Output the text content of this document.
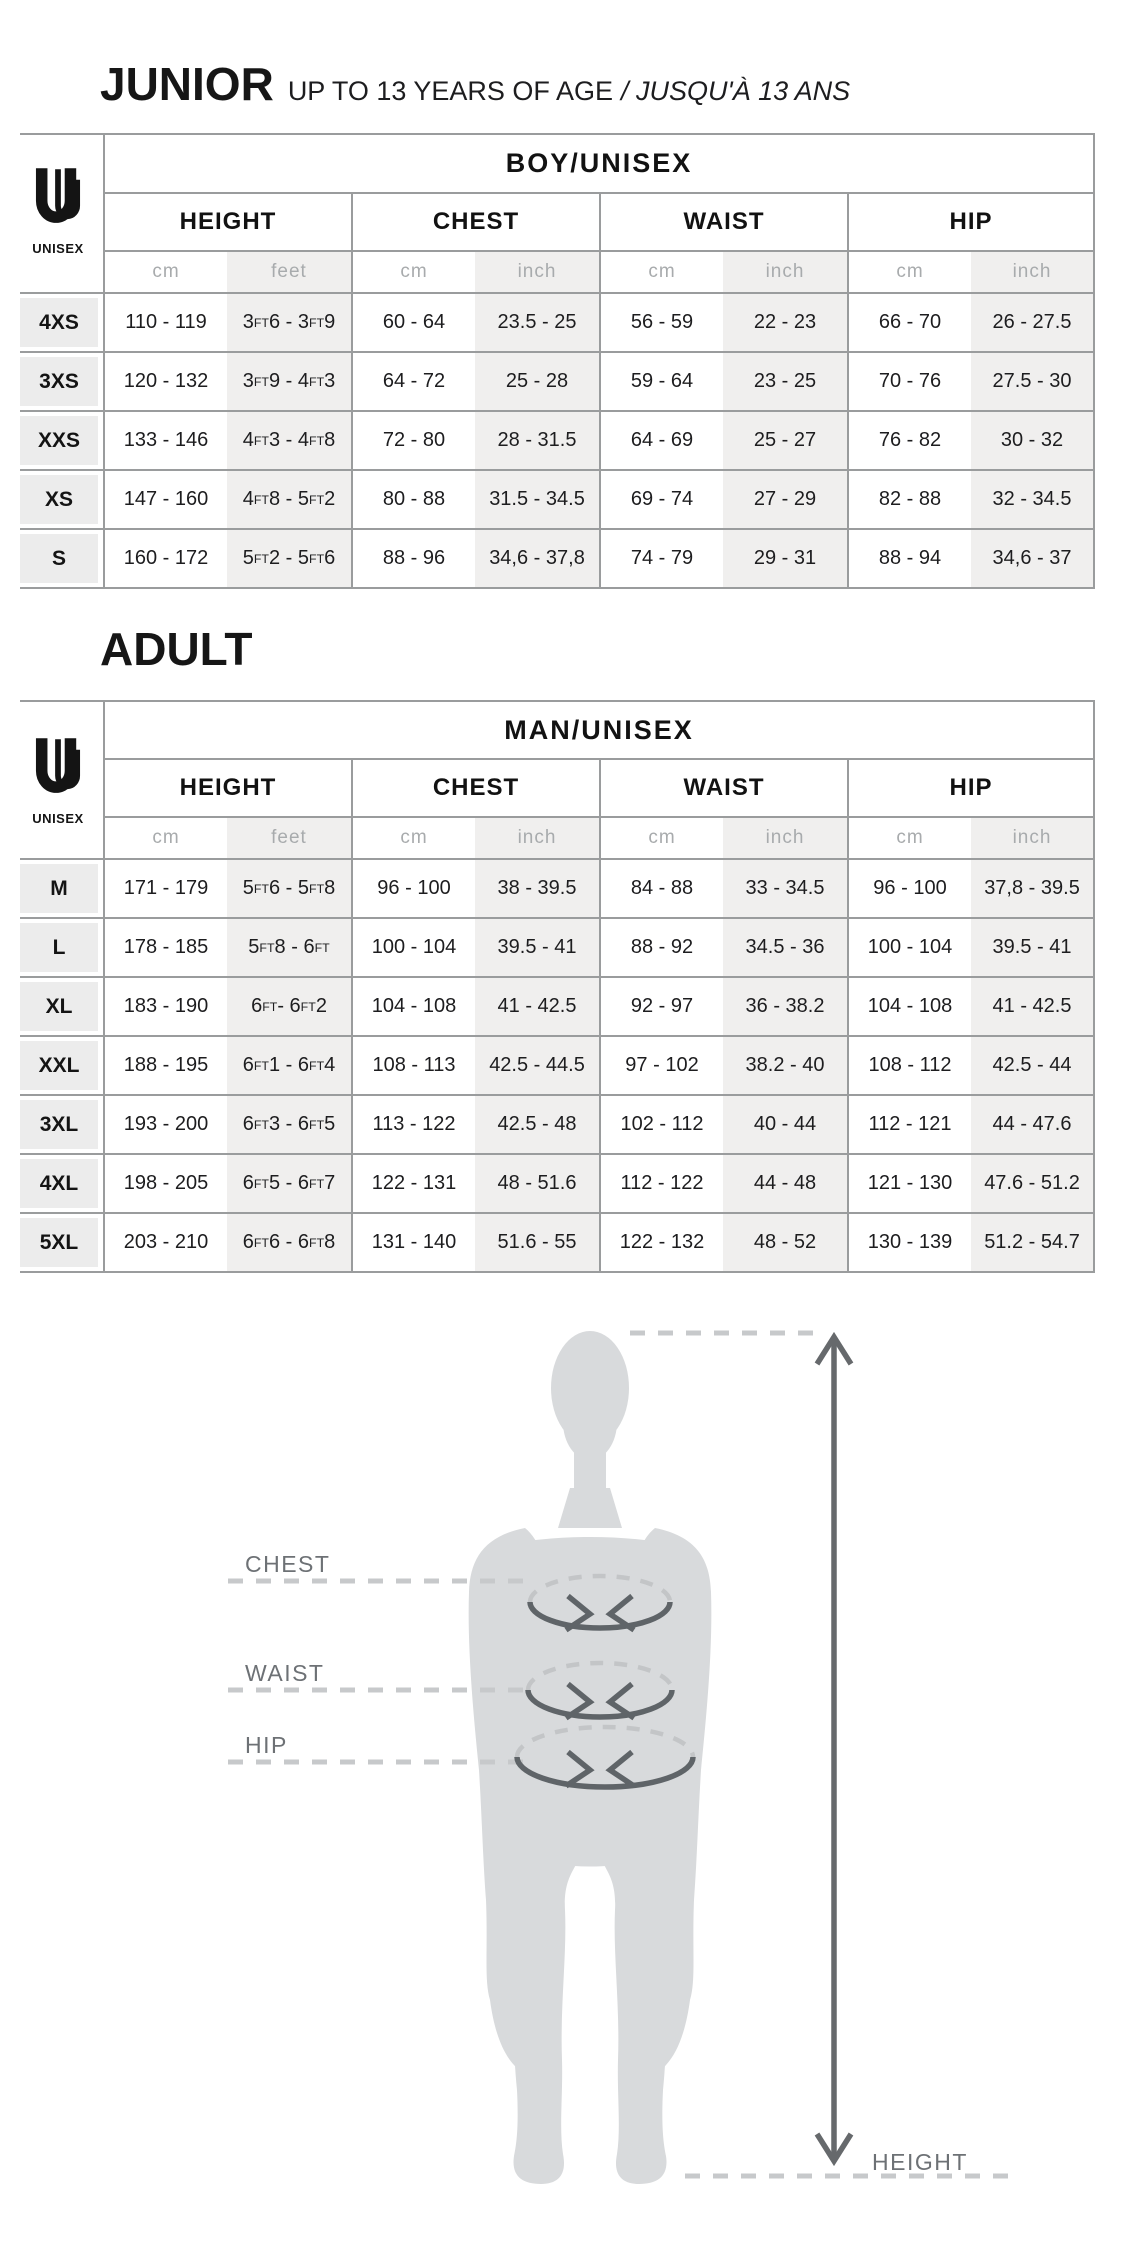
JUNIOR UP TO 13 YEARS OF AGE / JUSQU'À 13 ANS
UNISEX
BOY/UNISEX
HEIGHT	CHEST	WAIST	HIP
cm	feet	cm	inch	cm	inch	cm	inch
4XS	110 - 119	3 FT 6 - 3 FT 9	60 - 64	23.5 - 25	56 - 59	22 - 23	66 - 70	26 - 27.5
3XS	120 - 132	3 FT 9 - 4 FT 3	64 - 72	25 - 28	59 - 64	23 - 25	70 - 76	27.5 - 30
XXS	133 - 146	4 FT 3 - 4 FT 8	72 - 80	28 - 31.5	64 - 69	25 - 27	76 - 82	30 - 32
XS	147 - 160	4 FT 8 - 5 FT 2	80 - 88	31.5 - 34.5	69 - 74	27 - 29	82 - 88	32 - 34.5
S	160 - 172	5 FT 2 - 5 FT 6	88 - 96	34,6 - 37,8	74 - 79	29 - 31	88 - 94	34,6 - 37
ADULT
UNISEX
MAN/UNISEX
HEIGHT	CHEST	WAIST	HIP
cm	feet	cm	inch	cm	inch	cm	inch
M	171 - 179	5 FT 6 - 5 FT 8	96 - 100	38 - 39.5	84 - 88	33 - 34.5	96 - 100	37,8 - 39.5
L	178 - 185	5 FT 8 - 6 FT	100 - 104	39.5 - 41	88 - 92	34.5 - 36	100 - 104	39.5 - 41
XL	183 - 190	6 FT - 6 FT 2	104 - 108	41 - 42.5	92 - 97	36 - 38.2	104 - 108	41 - 42.5
XXL	188 - 195	6 FT 1 - 6 FT 4	108 - 113	42.5 - 44.5	97 - 102	38.2 - 40	108 - 112	42.5 - 44
3XL	193 - 200	6 FT 3 - 6 FT 5	113 - 122	42.5 - 48	102 - 112	40 - 44	112 - 121	44 - 47.6
4XL	198 - 205	6 FT 5 - 6 FT 7	122 - 131	48 - 51.6	112 - 122	44 - 48	121 - 130	47.6 - 51.2
5XL	203 - 210	6 FT 6 - 6 FT 8	131 - 140	51.6 - 55	122 - 132	48 - 52	130 - 139	51.2 - 54.7
CHEST
WAIST
HIP
HEIGHT
